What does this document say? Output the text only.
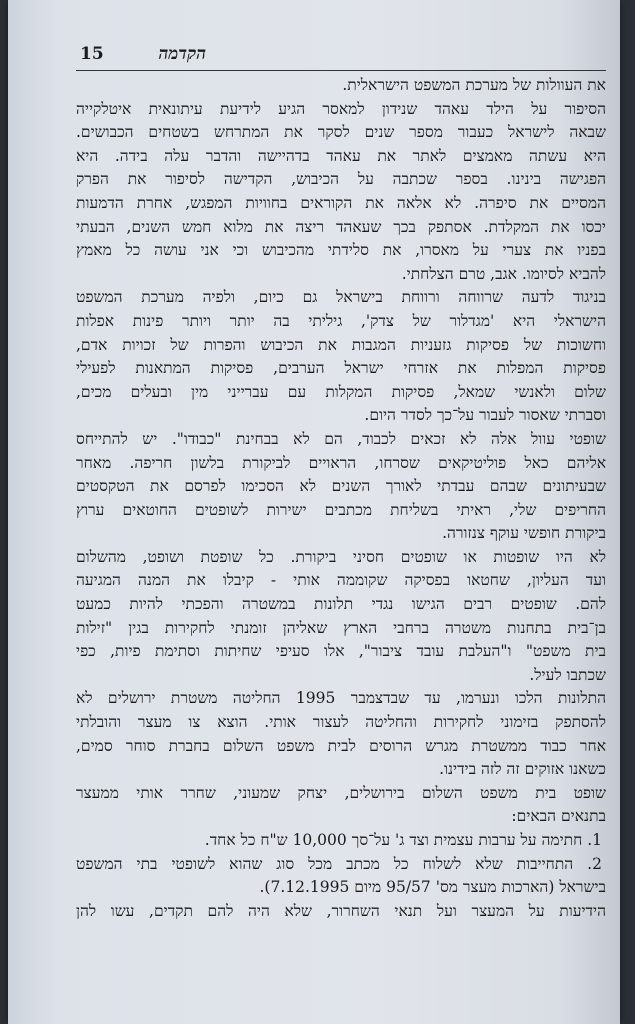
הקדמה
15
את העוולות של מערכת המשפט הישראלית.
הסיפור על הילד עאהד שנידון למאסר הגיע לידיעת עיתונאית איטלקייה
שבאה לישראל כעבור מספר שנים לסקר את המתרחש בשטחים הכבושים.
היא עשתה מאמצים לאתר את עאהד בדהיישה והדבר עלה בידה. היא
הפגישה בינינו. בספר שכתבה על הכיבוש, הקדישה לסיפור את הפרק
המסיים את סיפרה. לא אלאה את הקוראים בחוויות המפגש, אחרת הדמעות
יכסו את המקלדת. אסתפק בכך שעאהד ריצה את מלוא חמש השנים, הבעתי
בפניו את צערי על מאסרו, את סלידתי מהכיבוש וכי אני עושה כל מאמץ
להביא לסיומו. אגב, טרם הצלחתי.
בניגוד לדעה שרווחה ורווחת בישראל גם כיום, ולפיה מערכת המשפט
הישראלי היא 'מגדלור של צדק', גיליתי בה יותר ויותר פינות אפלות
וחשוכות של פסיקות גזעניות המגבות את הכיבוש והפרות של זכויות אדם,
פסיקות המפלות את אזרחי ישראל הערבים, פסיקות המתאנות לפעילי
שלום ולאנשי שמאל, פסיקות המקלות עם עברייני מין ובעלים מכים,
וסברתי שאסור לעבור על־כך לסדר היום.
שופטי עוול אלה לא זכאים לכבוד, הם לא בבחינת "כבודו". יש להתייחס
אליהם כאל פוליטיקאים שסרחו, הראויים לביקורת בלשון חריפה. מאחר
שבעיתונים שבהם עבדתי לאורך השנים לא הסכימו לפרסם את הטקסטים
החריפים שלי, ראיתי בשליחת מכתבים ישירות לשופטים החוטאים ערוץ
ביקורת חופשי עוקף צנזורה.
לא היו שופטות או שופטים חסיני ביקורת. כל שופטת ושופט, מהשלום
ועד העליון, שחטאו בפסיקה שקוממה אותי - קיבלו את המנה המגיעה
להם. שופטים רבים הגישו נגדי תלונות במשטרה והפכתי להיות כמעט
בן־בית בתחנות משטרה ברחבי הארץ שאליהן זומנתי לחקירות בגין "זילות
בית משפט" ו"העלבת עובד ציבור", אלו סעיפי שחיתות וסתימת פיות, כפי
שכתבו לעיל.
התלונות הלכו ונערמו, עד שבדצמבר 1995 החליטה משטרת ירושלים לא
להסתפק בזימוני לחקירות והחליטה לעצור אותי. הוצא צו מעצר והובלתי
אחר כבוד ממשטרת מגרש הרוסים לבית משפט השלום בחברת סוחר סמים,
כשאנו אזוקים זה לזה בידינו.
שופט בית משפט השלום בירושלים, יצחק שמעוני, שחרר אותי ממעצר
בתנאים הבאים:
1. חתימה על ערבות עצמית וצד ג' על־סך 10,000 ש"ח כל אחד.
2. התחייבות שלא לשלוח כל מכתב מכל סוג שהוא לשופטי בתי המשפט
בישראל (הארכות מעצר מס' 95/57 מיום 7.12.1995).
הידיעות על המעצר ועל תנאי השחרור, שלא היה להם תקדים, עשו להן
